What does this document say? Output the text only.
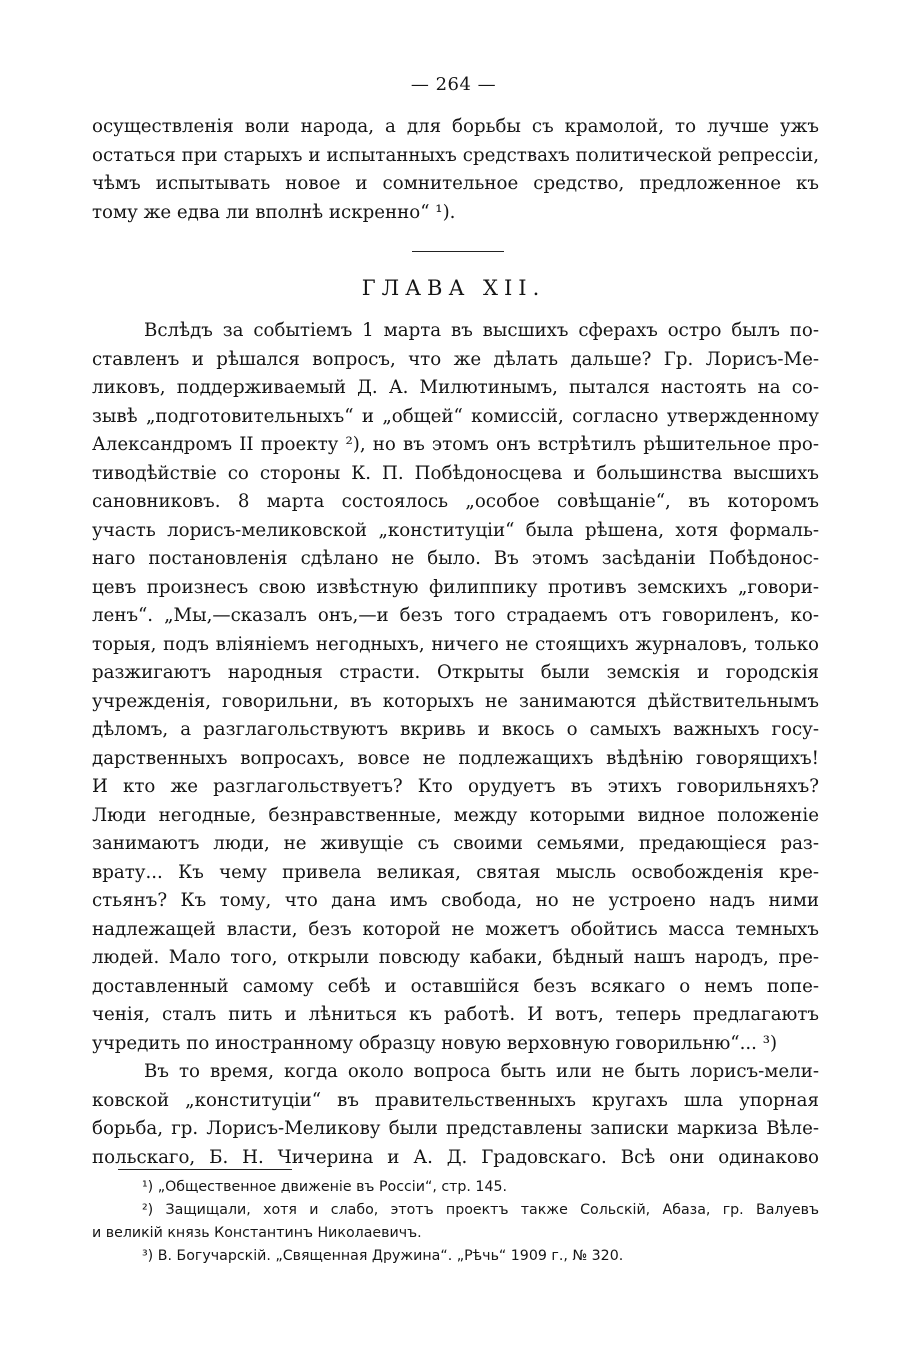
— 264 —
осуществленія воли народа, а для борьбы съ крамолой, то лучше ужъ
остаться при старыхъ и испытанныхъ средствахъ политической репрессіи,
чѣмъ испытывать новое и сомнительное средство, предложенное къ
тому же едва ли вполнѣ искренно“ ¹).
ГЛАВА XII.
Вслѣдъ за событіемъ 1 марта въ высшихъ сферахъ остро былъ по-
ставленъ и рѣшался вопросъ, что же дѣлать дальше? Гр. Лорисъ-Ме-
ликовъ, поддерживаемый Д. А. Милютинымъ, пытался настоять на со-
зывѣ „подготовительныхъ“ и „общей“ комиссій, согласно утвержденному
Александромъ II проекту ²), но въ этомъ онъ встрѣтилъ рѣшительное про-
тиводѣйствіе со стороны К. П. Побѣдоносцева и большинства высшихъ
сановниковъ. 8 марта состоялось „особое совѣщаніе“, въ которомъ
участь лорисъ-меликовской „конституціи“ была рѣшена, хотя формаль-
наго постановленія сдѣлано не было. Въ этомъ засѣданіи Побѣдонос-
цевъ произнесъ свою извѣстную филиппику противъ земскихъ „говори-
ленъ“. „Мы,—сказалъ онъ,—и безъ того страдаемъ отъ говориленъ, ко-
торыя, подъ вліяніемъ негодныхъ, ничего не стоящихъ журналовъ, только
разжигаютъ народныя страсти. Открыты были земскія и городскія
учрежденія, говорильни, въ которыхъ не занимаются дѣйствительнымъ
дѣломъ, а разглагольствуютъ вкривь и вкось о самыхъ важныхъ госу-
дарственныхъ вопросахъ, вовсе не подлежащихъ вѣдѣнію говорящихъ!
И кто же разглагольствуетъ? Кто орудуетъ въ этихъ говорильняхъ?
Люди негодные, безнравственные, между которыми видное положеніе
занимаютъ люди, не живущіе съ своими семьями, предающіеся раз-
врату... Къ чему привела великая, святая мысль освобожденія кре-
стьянъ? Къ тому, что дана имъ свобода, но не устроено надъ ними
надлежащей власти, безъ которой не можетъ обойтись масса темныхъ
людей. Мало того, открыли повсюду кабаки, бѣдный нашъ народъ, пре-
доставленный самому себѣ и оставшійся безъ всякаго о немъ попе-
ченія, сталъ пить и лѣниться къ работѣ. И вотъ, теперь предлагаютъ
учредить по иностранному образцу новую верховную говорильню“... ³)
Въ то время, когда около вопроса быть или не быть лорисъ-мели-
ковской „конституціи“ въ правительственныхъ кругахъ шла упорная
борьба, гр. Лорисъ-Меликову были представлены записки маркиза Вѣле-
польскаго, Б. Н. Чичерина и А. Д. Градовскаго. Всѣ они одинаково
¹) „Общественное движеніе въ Россіи“, стр. 145.
²) Защищали, хотя и слабо, этотъ проектъ также Сольскій, Абаза, гр. Валуевъ
и великій князь Константинъ Николаевичъ.
³) В. Богучарскій. „Священная Дружина“. „Рѣчь“ 1909 г., № 320.
